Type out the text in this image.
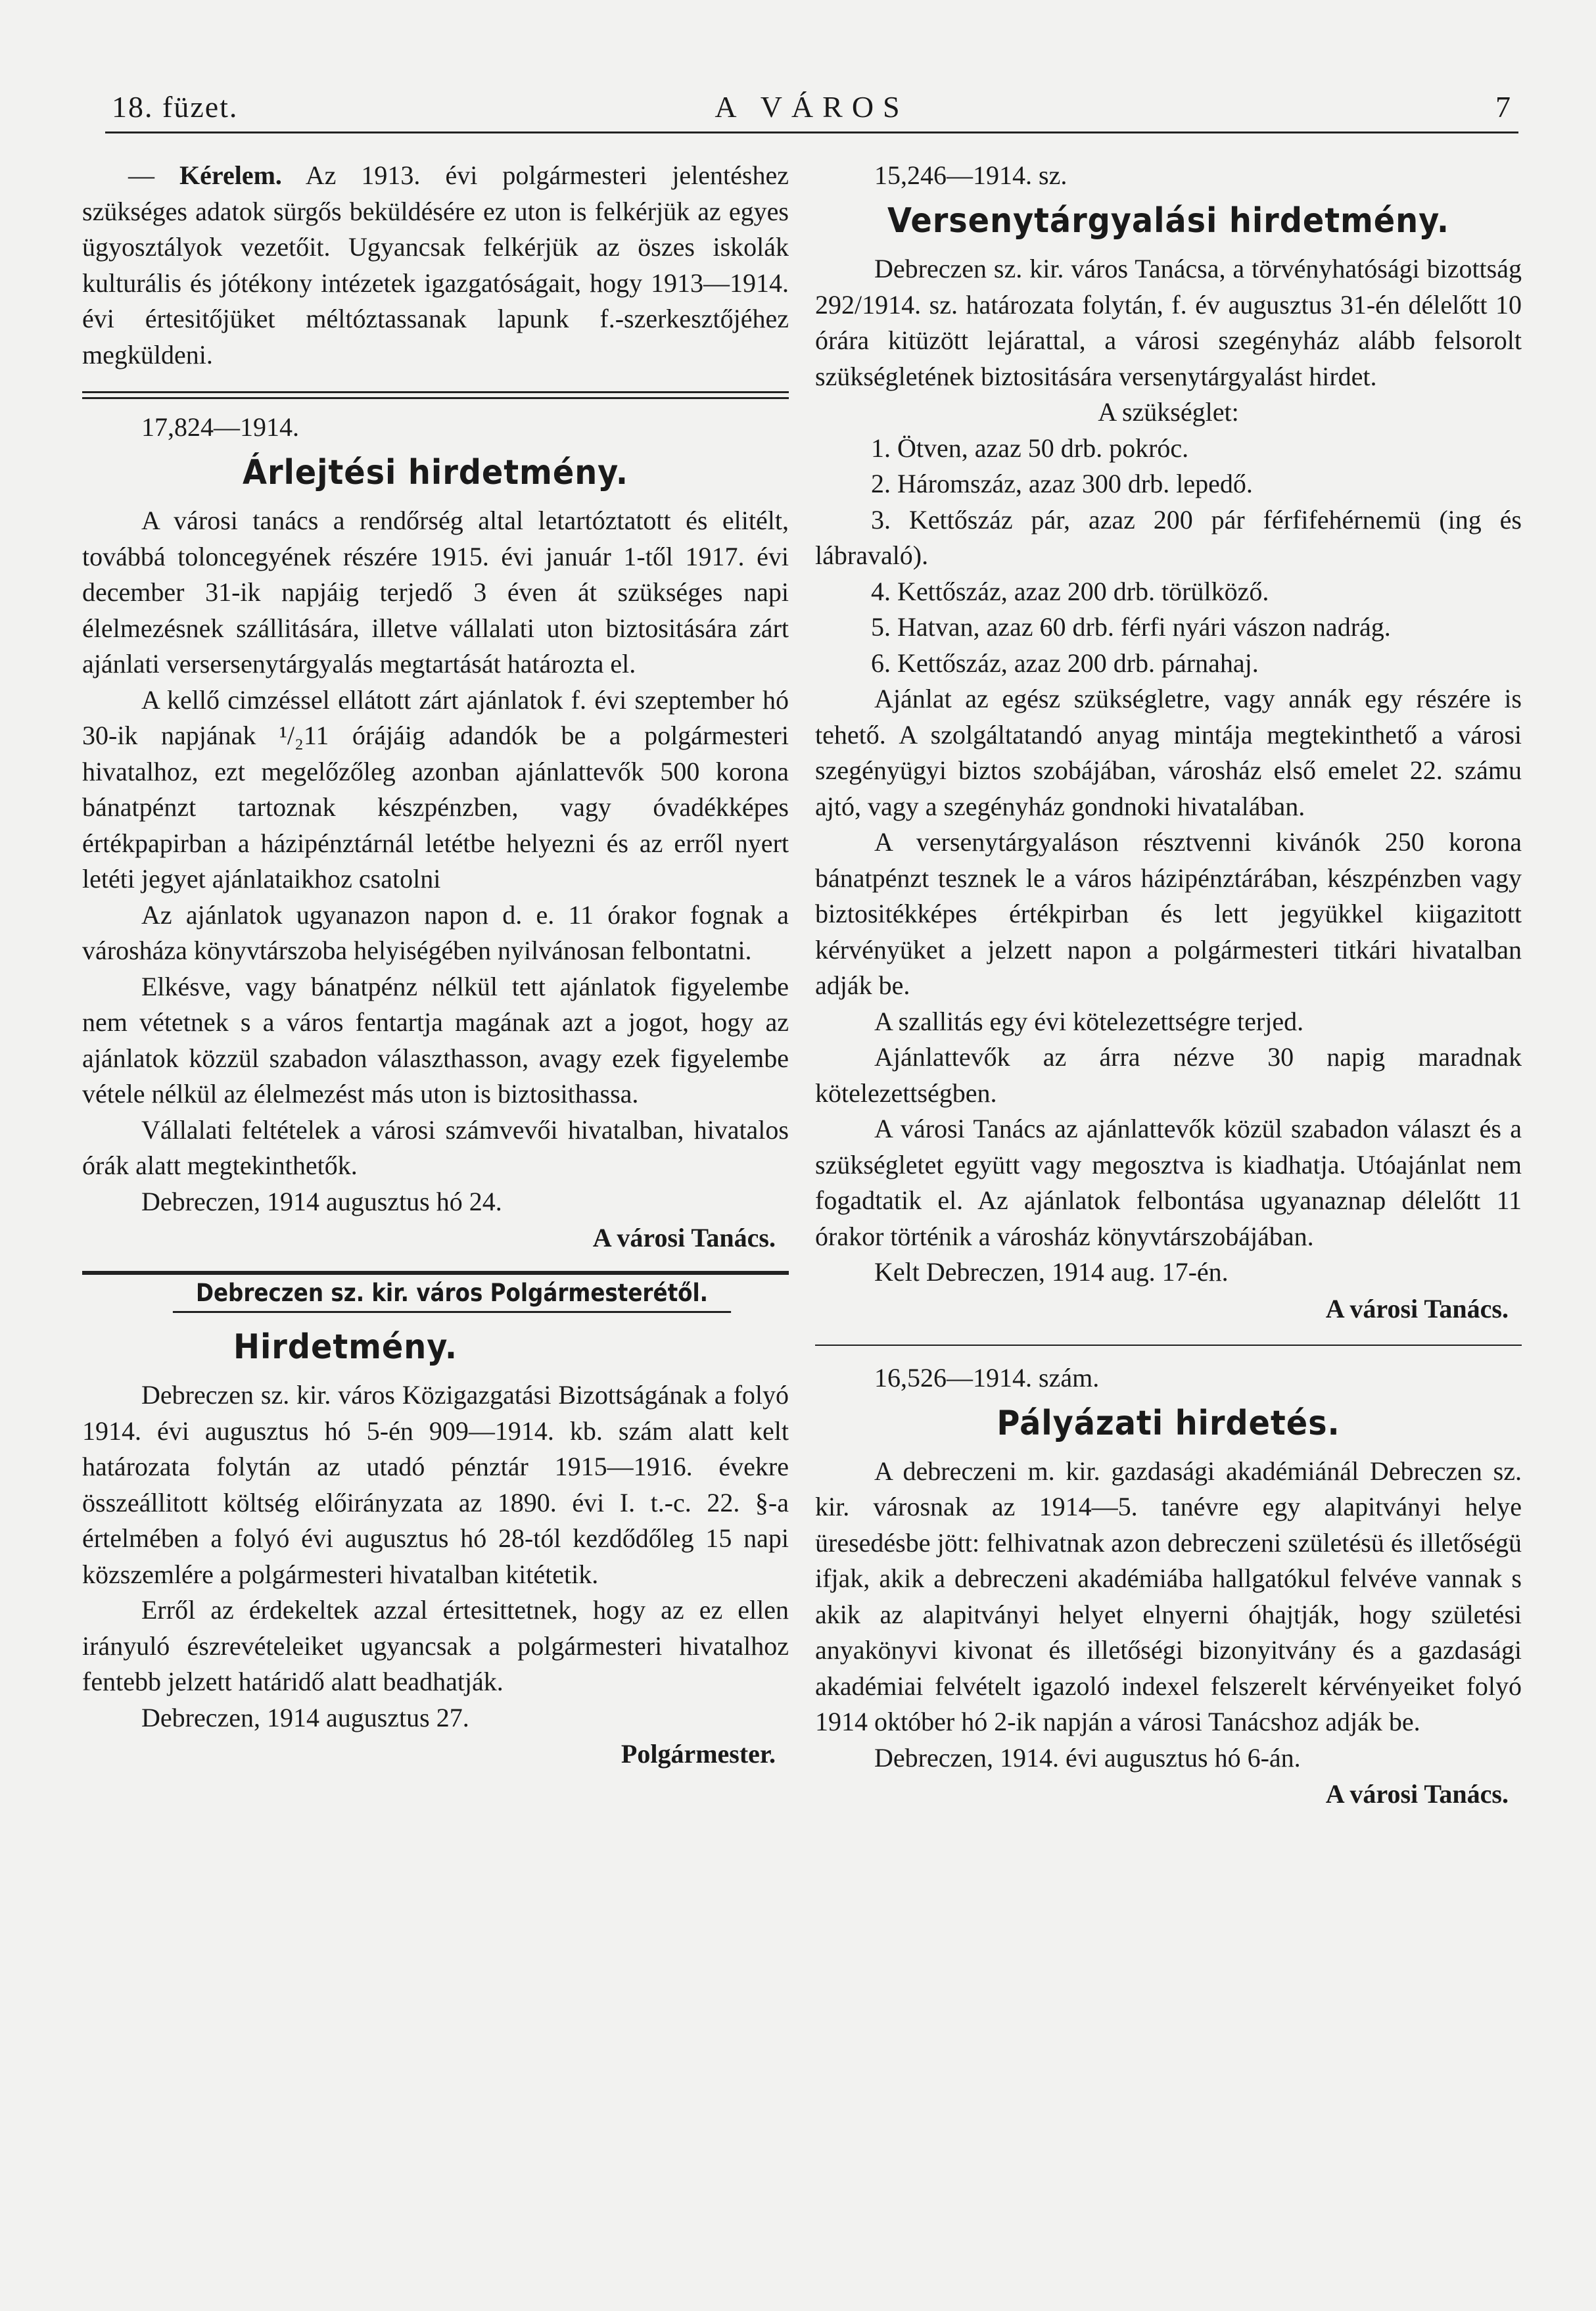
18. füzet.	A VÁROS	7

— Kérelem. Az 1913. évi polgármesteri jelentéshez szükséges adatok sürgős beküldésére ez uton is felkérjük az egyes ügyosztályok vezetőit. Ugyancsak felkérjük az öszes iskolák kulturális és jótékony intézetek igazgatóságait, hogy 1913—1914. évi értesitőjüket méltóztassanak lapunk f.-szerkesztőjéhez megküldeni.

17,824—1914.

Árlejtési hirdetmény.

A városi tanács a rendőrség altal letartóztatott és elitélt, továbbá toloncegyének részére 1915. évi január 1-től 1917. évi december 31-ik napjáig terjedő 3 éven át szükséges napi élelmezésnek szállitására, illetve vállalati uton biztositására zárt ajánlati versersenytárgyalás megtartását határozta el.

A kellő cimzéssel ellátott zárt ajánlatok f. évi szeptember hó 30-ik napjának ¹/₂11 órájáig adandók be a polgármesteri hivatalhoz, ezt megelőzőleg azonban ajánlattevők 500 korona bánatpénzt tartoznak készpénzben, vagy óvadékképes értékpapirban a házipénztárnál letétbe helyezni és az erről nyert letéti jegyet ajánlataikhoz csatolni

Az ajánlatok ugyanazon napon d. e. 11 órakor fognak a városháza könyvtárszoba helyiségében nyilvánosan felbontatni.

Elkésve, vagy bánatpénz nélkül tett ajánlatok figyelembe nem vétetnek s a város fentartja magának azt a jogot, hogy az ajánlatok közzül szabadon választhasson, avagy ezek figyelembe vétele nélkül az élelmezést más uton is biztosithassa.

Vállalati feltételek a városi számvevői hivatalban, hivatalos órák alatt megtekinthetők.

Debreczen, 1914 augusztus hó 24.

A városi Tanács.

Debreczen sz. kir. város Polgármesterétől.
Hirdetmény.

Debreczen sz. kir. város Közigazgatási Bizottságának a folyó 1914. évi augusztus hó 5-én 909—1914. kb. szám alatt kelt határozata folytán az utadó pénztár 1915—1916. évekre összeállitott költség előirányzata az 1890. évi I. t.-c. 22. §-a értelmében a folyó évi augusztus hó 28-tól kezdődőleg 15 napi közszemlére a polgármesteri hivatalban kitétetik.

Erről az érdekeltek azzal értesittetnek, hogy az ez ellen irányuló észrevételeiket ugyancsak a polgármesteri hivatalhoz fentebb jelzett határidő alatt beadhatják.

Debreczen, 1914 augusztus 27.

Polgármester.

15,246—1914. sz.

Versenytárgyalási hirdetmény.

Debreczen sz. kir. város Tanácsa, a törvényhatósági bizottság 292/1914. sz. határozata folytán, f. év augusztus 31-én délelőtt 10 órára kitüzött lejárattal, a városi szegényház alább felsorolt szükségletének biztositására versenytárgyalást hirdet.

A szükséglet:

1. Ötven, azaz 50 drb. pokróc.

2. Háromszáz, azaz 300 drb. lepedő.

3. Kettőszáz pár, azaz 200 pár férfifehérnemü (ing és lábravaló).

4. Kettőszáz, azaz 200 drb. törülköző.

5. Hatvan, azaz 60 drb. férfi nyári vászon nadrág.

6. Kettőszáz, azaz 200 drb. párnahaj.

Ajánlat az egész szükségletre, vagy annák egy részére is tehető. A szolgáltatandó anyag mintája megtekinthető a városi szegényügyi biztos szobájában, városház első emelet 22. számu ajtó, vagy a szegényház gondnoki hivatalában.

A versenytárgyaláson résztvenni kivánók 250 korona bánatpénzt tesznek le a város házipénztárában, készpénzben vagy biztositékképes értékpirban és lett jegyükkel kiigazitott kérvényüket a jelzett napon a polgármesteri titkári hivatalban adják be.

A szallitás egy évi kötelezettségre terjed.

Ajánlattevők az árra nézve 30 napig maradnak kötelezettségben.

A városi Tanács az ajánlattevők közül szabadon választ és a szükségletet együtt vagy megosztva is kiadhatja. Utóajánlat nem fogadtatik el. Az ajánlatok felbontása ugyanaznap délelőtt 11 órakor történik a városház könyvtárszobájában.

Kelt Debreczen, 1914 aug. 17-én.

A városi Tanács.

16,526—1914. szám.

Pályázati hirdetés.

A debreczeni m. kir. gazdasági akadémiánál Debreczen sz. kir. városnak az 1914—5. tanévre egy alapitványi helye üresedésbe jött: felhivatnak azon debreczeni születésü és illetőségü ifjak, akik a debreczeni akadémiába hallgatókul felvéve vannak s akik az alapitványi helyet elnyerni óhajtják, hogy születési anyakönyvi kivonat és illetőségi bizonyitvány és a gazdasági akadémiai felvételt igazoló indexel felszerelt kérvényeiket folyó 1914 október hó 2-ik napján a városi Tanácshoz adják be.

Debreczen, 1914. évi augusztus hó 6-án.

A városi Tanács.
